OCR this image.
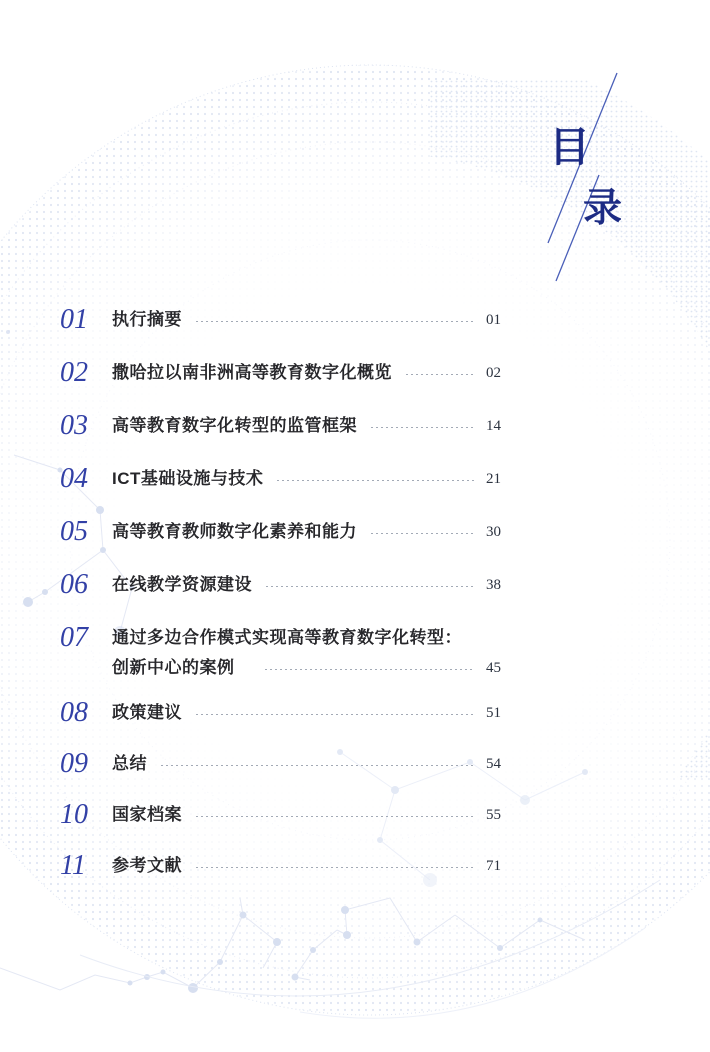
目
录
01	执行摘要	01
02	撒哈拉以南非洲高等教育数字化概览	02
03	高等教育数字化转型的监管框架	14
04	ICT基础设施与技术	21
05	高等教育教师数字化素养和能力	30
06	在线教学资源建设	38
07	通过多边合作模式实现高等教育数字化转型：
创新中心的案例	45
08	政策建议	51
09	总结	54
10	国家档案	55
11	参考文献	71
